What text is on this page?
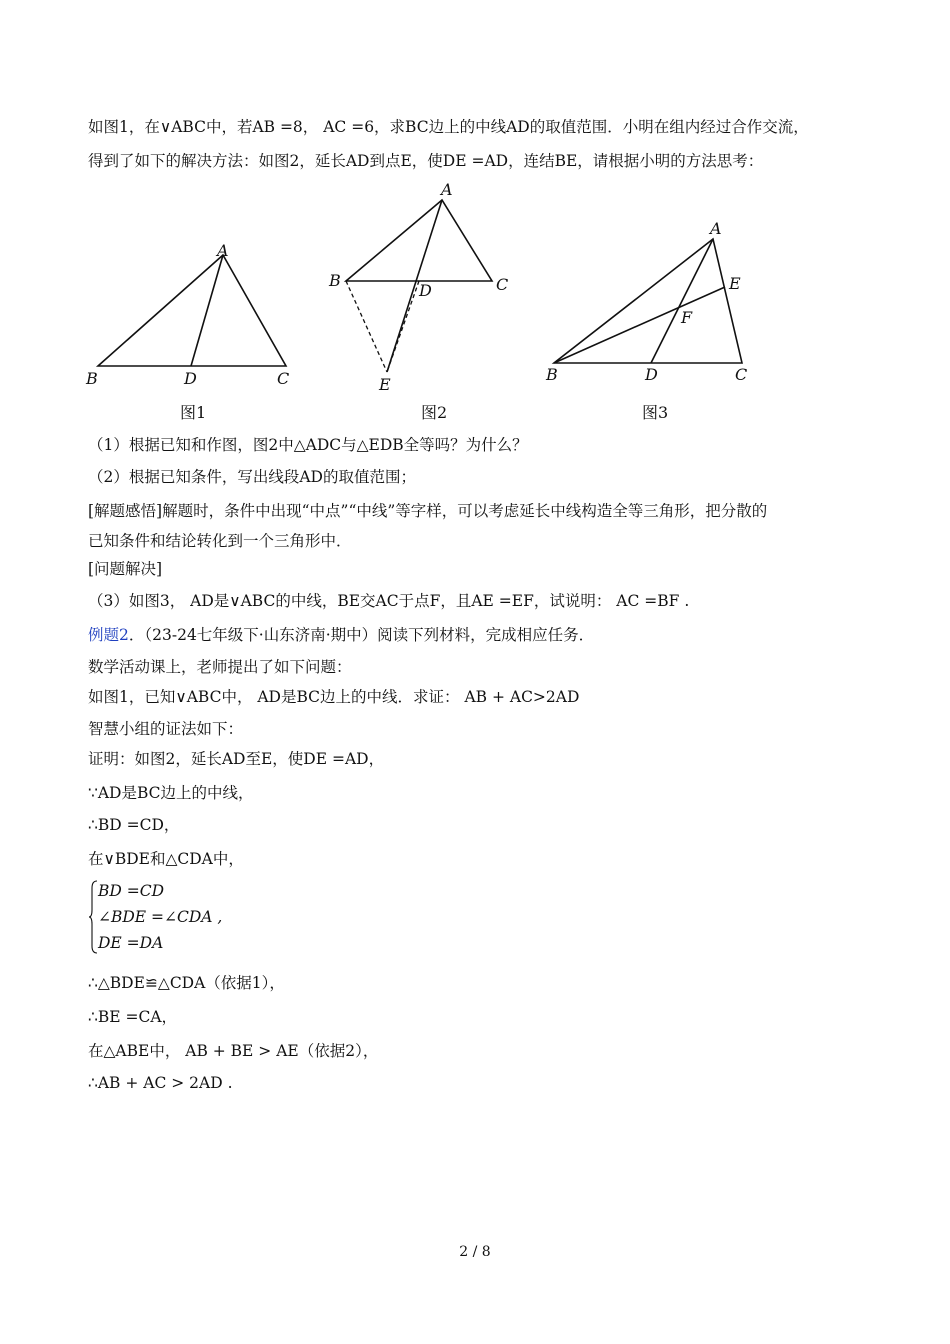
如图1，在∨ABC中，若AB =8， AC =6，求BC边上的中线AD的取值范围．小明在组内经过合作交流，
得到了如下的解决方法：如图2，延长AD到点E，使DE =AD，连结BE，请根据小明的方法思考：
A
B	D	C
图1
A
B	C
D
E
图2
A
E
F
B	D	C
图3
（1）根据已知和作图，图2中△ADC与△EDB全等吗？为什么？
（2）根据已知条件，写出线段AD的取值范围；
[解题感悟]解题时，条件中出现“中点”“中线”等字样，可以考虑延长中线构造全等三角形，把分散的
已知条件和结论转化到一个三角形中．
[问题解决]
（3）如图3， AD是∨ABC的中线，BE交AC于点F，且AE =EF，试说明： AC =BF .
例题2．（23-24七年级下·山东济南·期中）阅读下列材料，完成相应任务．
数学活动课上，老师提出了如下问题：
如图1，已知∨ABC中， AD是BC边上的中线．求证： AB + AC>2AD
智慧小组的证法如下：
证明：如图2，延长AD至E，使DE =AD，
∵AD是BC边上的中线，
∴BD =CD，
在∨BDE和△CDA中，
BD =CD
∠BDE =∠CDA ,
DE =DA
∴△BDE≌△CDA（依据1），
∴BE =CA，
在△ABE中， AB + BE > AE（依据2），
∴AB + AC > 2AD .
2 / 8
